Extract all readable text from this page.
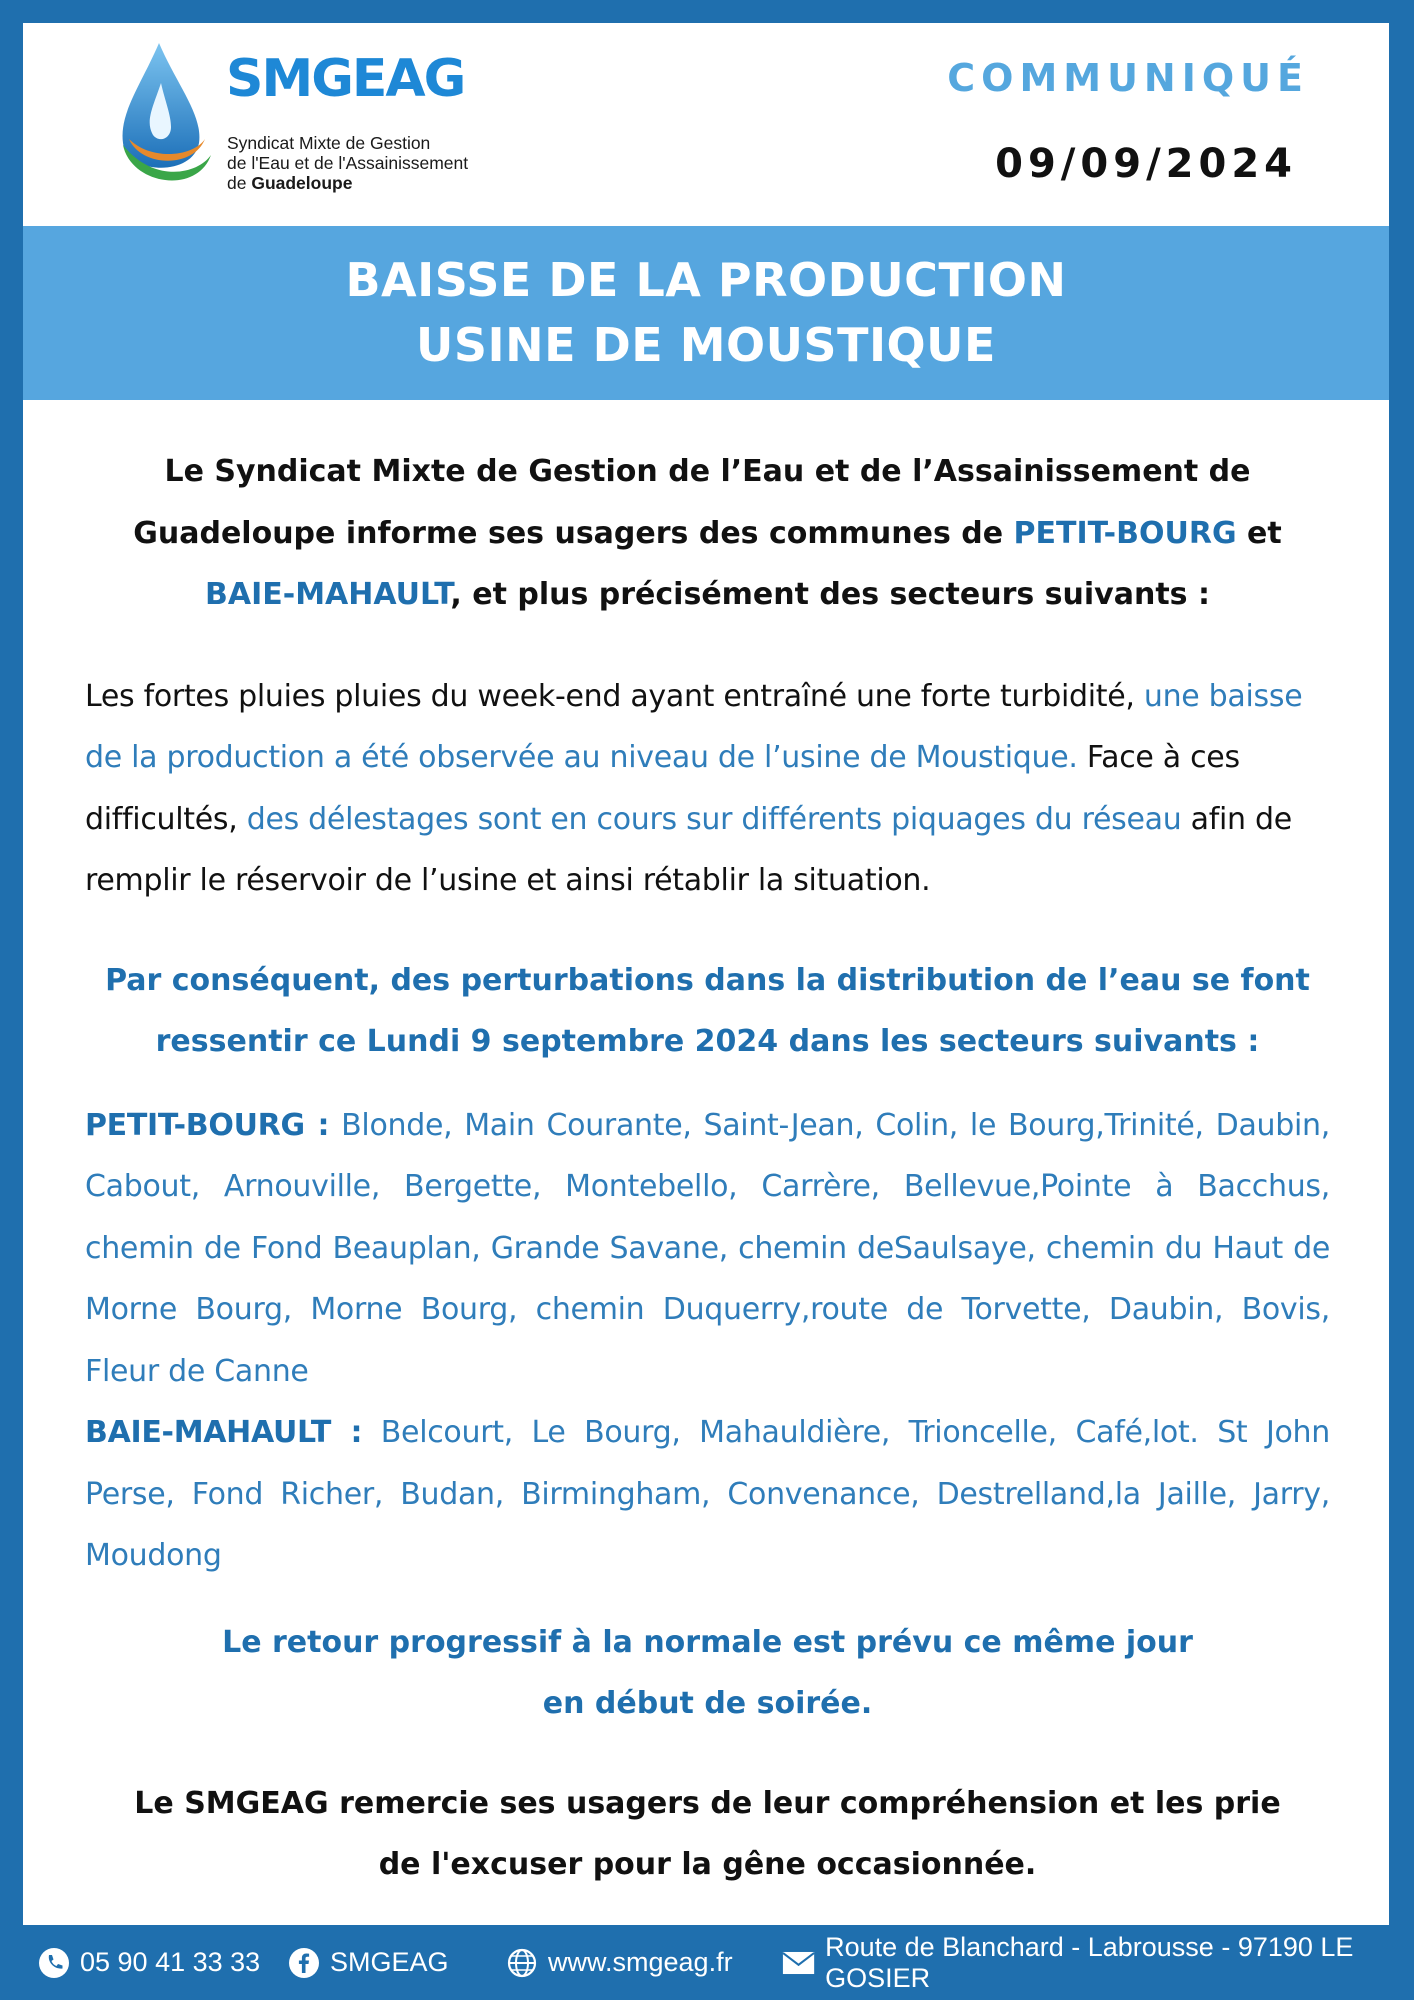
SMGEAG
Syndicat Mixte de Gestion
de l'Eau et de l'Assainissement
de Guadeloupe
COMMUNIQUÉ
09/09/2024
BAISSE DE LA PRODUCTION
USINE DE MOUSTIQUE

Le Syndicat Mixte de Gestion de l’Eau et de l’Assainissement de Guadeloupe informe ses usagers des communes de PETIT-BOURG et BAIE-MAHAULT, et plus précisément des secteurs suivants :

Les fortes pluies pluies du week-end ayant entraîné une forte turbidité, une baisse de la production a été observée au niveau de l’usine de Moustique. Face à ces difficultés, des délestages sont en cours sur différents piquages du réseau afin de remplir le réservoir de l’usine et ainsi rétablir la situation.

Par conséquent, des perturbations dans la distribution de l’eau se font
ressentir ce Lundi 9 septembre 2024 dans les secteurs suivants :

PETIT-BOURG : Blonde, Main Courante, Saint-Jean, Colin, le Bourg,Trinité, Daubin, Cabout, Arnouville, Bergette, Montebello, Carrère, Bellevue,Pointe à Bacchus, chemin de Fond Beauplan, Grande Savane, chemin deSaulsaye, chemin du Haut de Morne Bourg, Morne Bourg, chemin Duquerry,route de Torvette, Daubin, Bovis, Fleur de Canne
BAIE-MAHAULT : Belcourt, Le Bourg, Mahauldière, Trioncelle, Café,lot. St John Perse, Fond Richer, Budan, Birmingham, Convenance, Destrelland,la Jaille, Jarry, Moudong

Le retour progressif à la normale est prévu ce même jour
en début de soirée.

Le SMGEAG remercie ses usagers de leur compréhension et les prie
de l'excuser pour la gêne occasionnée.

05 90 41 33 33	SMGEAG	www.smgeag.fr
Route de Blanchard - Labrousse - 97190 LE GOSIER
